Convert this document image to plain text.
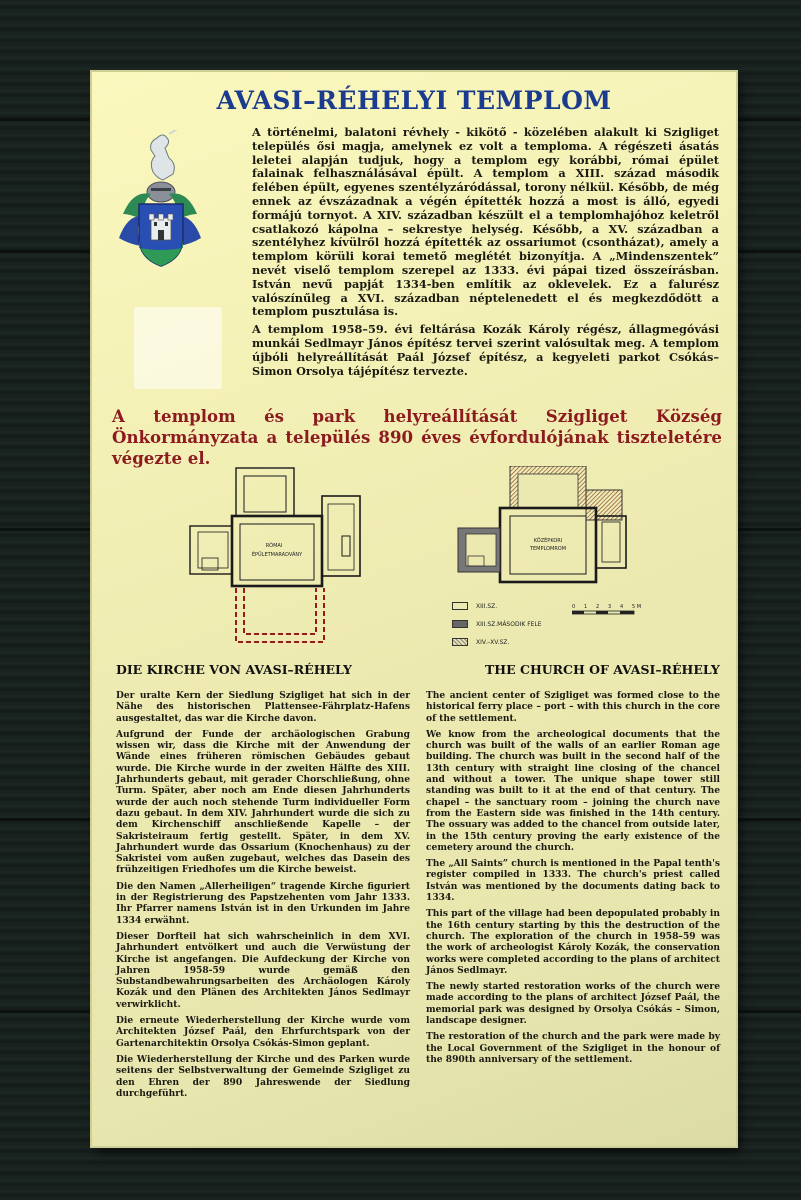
AVASI–RÉHELYI TEMPLOM

A történelmi, balatoni révhely - kikötő - közelében alakult ki Szigliget település ősi magja, amelynek ez volt a temploma. A régészeti ásatás leletei alapján tudjuk, hogy a templom egy korábbi, római épület falainak felhasználásával épült. A templom a XIII. század második felében épült, egyenes szentélyzáródással, torony nélkül. Később, de még ennek az évszázadnak a végén építették hozzá a most is álló, egyedi formájú tornyot. A XIV. században készült el a templomhajóhoz keletről csatlakozó kápolna – sekrestye helység. Később, a XV. században a szentélyhez kívülről hozzá építették az ossariumot (csontházat), amely a templom körüli korai temető meglétét bizonyítja. A „Mindenszentek” nevét viselő templom szerepel az 1333. évi pápai tized összeírásban. István nevű papját 1334-ben említik az oklevelek. Ez a falurész valószínűleg a XVI. században néptelenedett el és megkezdődött a templom pusztulása is.

A templom 1958–59. évi feltárása Kozák Károly régész, állagmegóvási munkái Sedlmayr János építész tervei szerint valósultak meg. A templom újbóli helyreállítását Paál József építész, a kegyeleti parkot Csókás–Simon Orsolya tájépítész tervezte.

A templom és park helyreállítását Szigliget Község Önkormányzata a település 890 éves évfordulójának tiszteletére végezte el.
RÓMAI
ÉPÜLETMARADVÁNY
KÖZÉPKORI
TEMPLOMROM
XIII.SZ.
XIII.SZ.MÁSODIK FELE
XIV.–XV.SZ.
0 1 2 3 4 5 M
DIE KIRCHE VON AVASI–RÉHELY

Der uralte Kern der Siedlung Szigliget hat sich in der Nähe des historischen Plattensee-Fährplatz-Hafens ausgestaltet, das war die Kirche davon.

Aufgrund der Funde der archäologischen Grabung wissen wir, dass die Kirche mit der Anwendung der Wände eines früheren römischen Gebäudes gebaut wurde. Die Kirche wurde in der zweiten Hälfte des XIII. Jahrhunderts gebaut, mit gerader Chorschließung, ohne Turm. Später, aber noch am Ende diesen Jahrhunderts wurde der auch noch stehende Turm individueller Form dazu gebaut. In dem XIV. Jahrhundert wurde die sich zu dem Kirchenschiff anschließende Kapelle – der Sakristeiraum fertig gestellt. Später, in dem XV. Jahrhundert wurde das Ossarium (Knochenhaus) zu der Sakristei vom außen zugebaut, welches das Dasein des frühzeitigen Friedhofes um die Kirche beweist.

Die den Namen „Allerheiligen“ tragende Kirche figuriert in der Registrierung des Papstzehenten vom Jahr 1333. Ihr Pfarrer namens István ist in den Urkunden im Jahre 1334 erwähnt.

Dieser Dorfteil hat sich wahrscheinlich in dem XVI. Jahrhundert entvölkert und auch die Verwüstung der Kirche ist angefangen. Die Aufdeckung der Kirche von Jahren 1958-59 wurde gemäß den Substandbewahrungsarbeiten des Archäologen Károly Kozák und den Plänen des Architekten János Sedlmayr verwirklicht.

Die erneute Wiederherstellung der Kirche wurde vom Architekten József Paál, den Ehrfurchtspark von der Gartenarchitektin Orsolya Csókás-Simon geplant.

Die Wiederherstellung der Kirche und des Parken wurde seitens der Selbstverwaltung der Gemeinde Szigliget zu den Ehren der 890 Jahreswende der Siedlung durchgeführt.

THE CHURCH OF AVASI–RÉHELY

The ancient center of Szigliget was formed close to the historical ferry place – port – with this church in the core of the settlement.

We know from the archeological documents that the church was built of the walls of an earlier Roman age building. The church was built in the second half of the 13th century with straight line closing of the chancel and without a tower. The unique shape tower still standing was built to it at the end of that century. The chapel – the sanctuary room – joining the church nave from the Eastern side was finished in the 14th century. The ossuary was added to the chancel from outside later, in the 15th century proving the early existence of the cemetery around the church.

The „All Saints” church is mentioned in the Papal tenth's register compiled in 1333. The church's priest called István was mentioned by the documents dating back to 1334.

This part of the village had been depopulated probably in the 16th century starting by this the destruction of the church. The exploration of the church in 1958–59 was the work of archeologist Károly Kozák, the conservation works were completed according to the plans of architect János Sedlmayr.

The newly started restoration works of the church were made according to the plans of architect József Paál, the memorial park was designed by Orsolya Csókás – Simon, landscape designer.

The restoration of the church and the park were made by the Local Government of the Szigliget in the honour of the 890th anniversary of the settlement.
